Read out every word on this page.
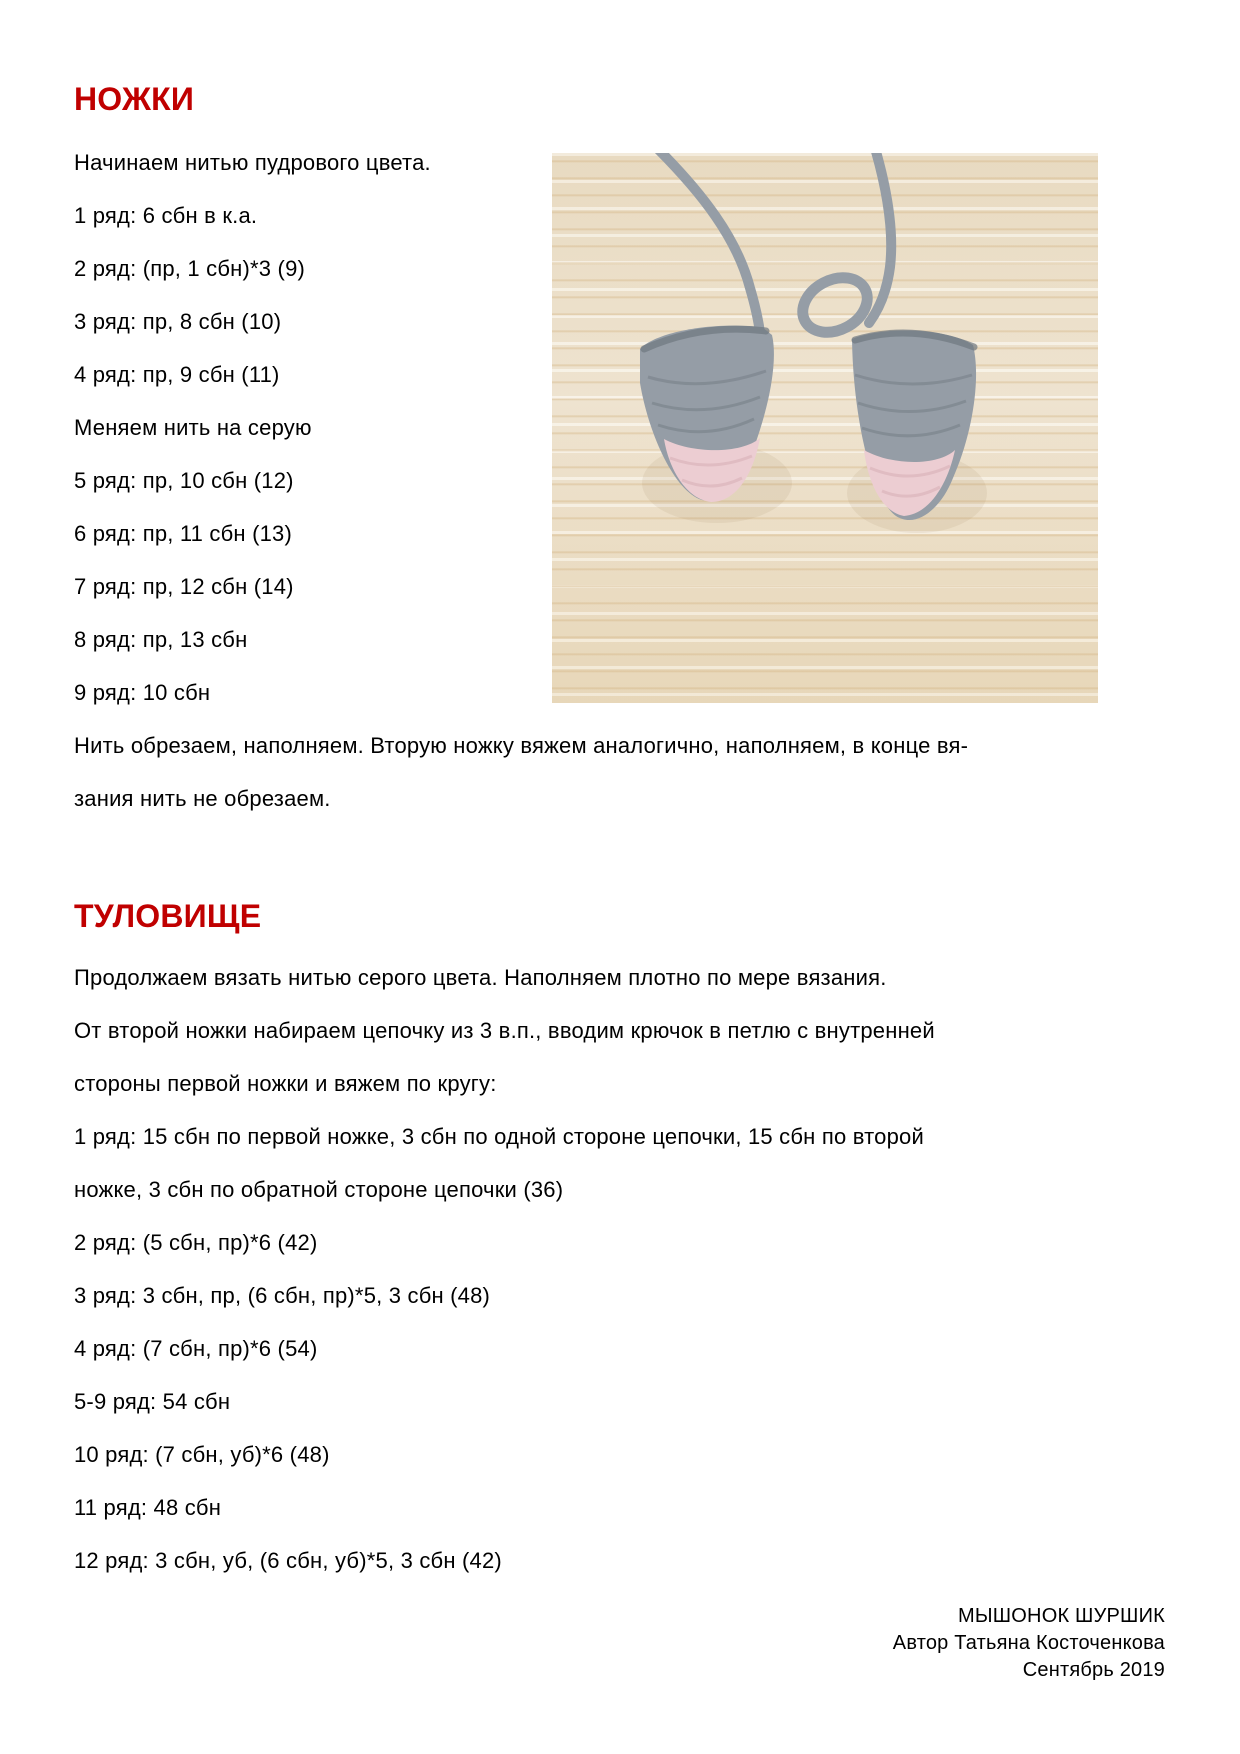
НОЖКИ
Начинаем нитью пудрового цвета.
1 ряд: 6 сбн в к.а.
2 ряд: (пр, 1 сбн)*3 (9)
3 ряд: пр, 8 сбн (10)
4 ряд: пр, 9 сбн (11)
Меняем нить на серую
5 ряд: пр, 10 сбн (12)
6 ряд: пр, 11 сбн (13)
7 ряд: пр, 12 сбн (14)
8 ряд: пр, 13 сбн
9 ряд: 10 сбн
Нить обрезаем, наполняем. Вторую ножку вяжем аналогично, наполняем, в конце вя-
зания нить не обрезаем.
ТУЛОВИЩЕ
Продолжаем вязать нитью серого цвета. Наполняем плотно по мере вязания.
От второй ножки набираем цепочку из 3 в.п., вводим крючок в петлю с внутренней
стороны первой ножки и вяжем по кругу:
1 ряд: 15 сбн по первой ножке, 3 сбн по одной стороне цепочки, 15 сбн по второй
ножке, 3 сбн по обратной стороне цепочки (36)
2 ряд: (5 сбн, пр)*6 (42)
3 ряд: 3 сбн, пр, (6 сбн, пр)*5, 3 сбн (48)
4 ряд: (7 сбн, пр)*6 (54)
5-9 ряд: 54 сбн
10 ряд: (7 сбн, уб)*6 (48)
11 ряд: 48 сбн
12 ряд: 3 сбн, уб, (6 сбн, уб)*5, 3 сбн (42)
МЫШОНОК ШУРШИК
Автор Татьяна Косточенкова
Сентябрь 2019
